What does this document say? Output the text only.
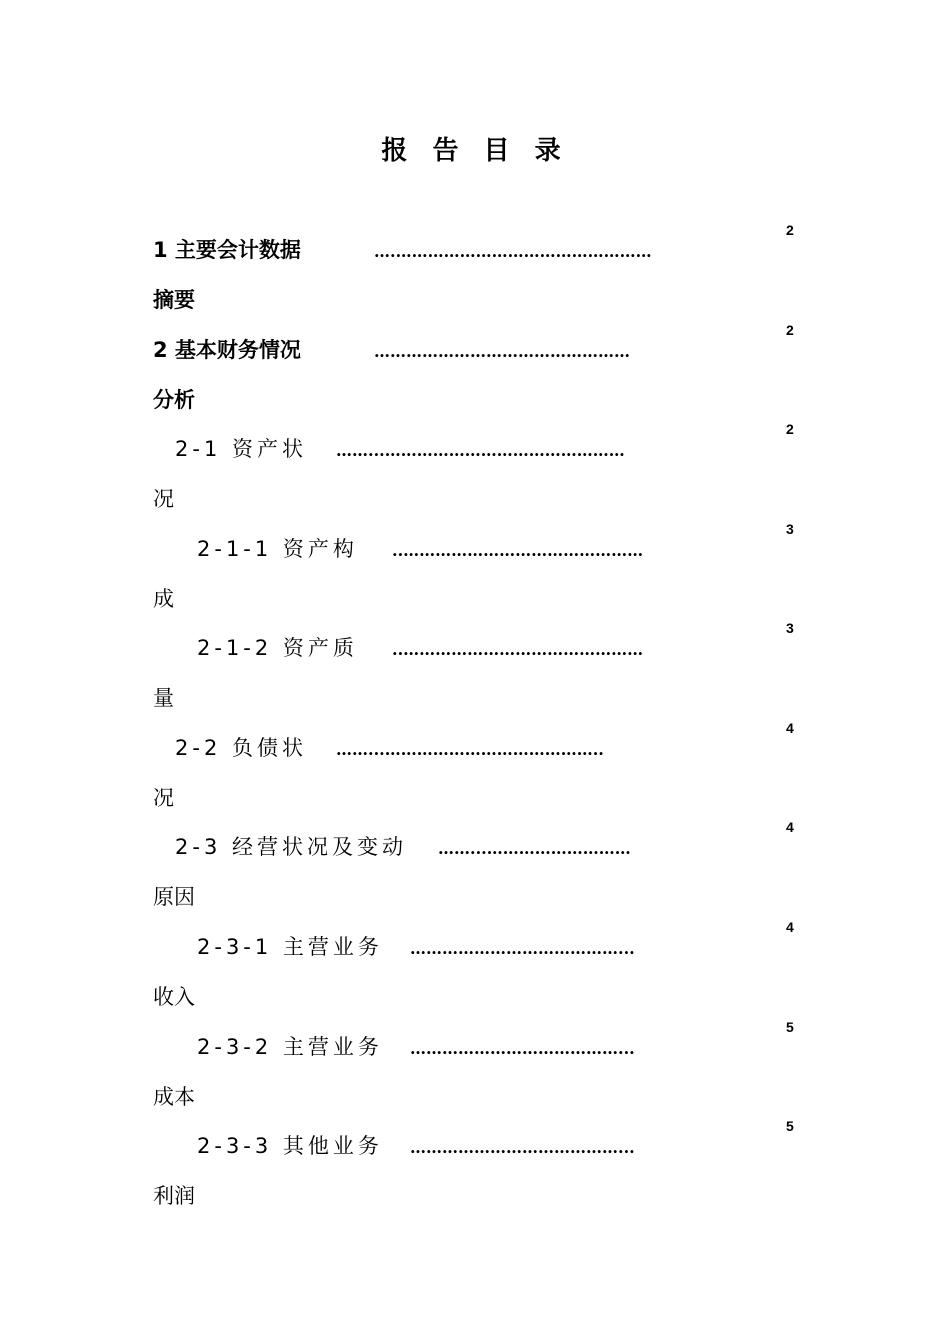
报 告 目 录
1 主要会计数据	….…………………………………………
2
摘要
2 基本财务情况	…………………………………………
2
分析
2-1 资产状 ……...………………………………………
2
况
2-1-1 资产构 ..………………………………………
3
成
2-1-2 资产质 ..………………………………………
3
量
2-2 负债状 ……...…………………………………..
4
况
2-3 经营状况及变动 ……...………………………
4
原因
2-3-1 主营业务 …………………………………...
4
收入
2-3-2 主营业务 …………………………………...
5
成本
2-3-3 其他业务 …………………………………...
5
利润
